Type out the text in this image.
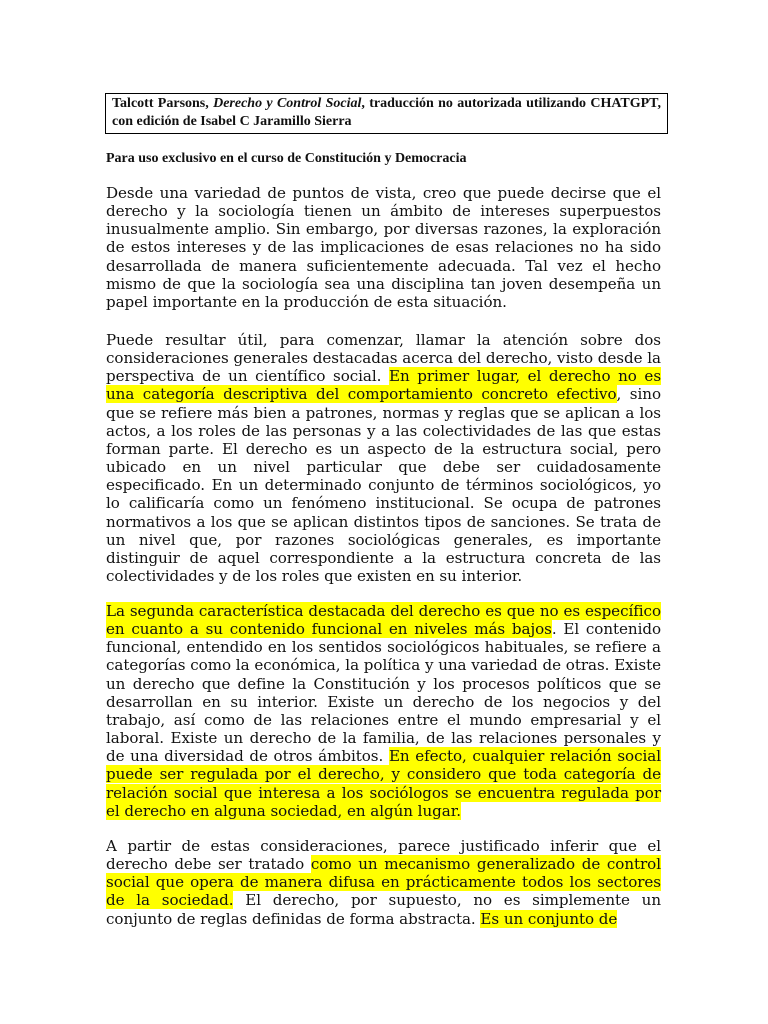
Talcott Parsons, Derecho y Control Social, traducción no autorizada utilizando CHATGPT, con edición de Isabel C Jaramillo Sierra
Para uso exclusivo en el curso de Constitución y Democracia

Desde una variedad de puntos de vista, creo que puede decirse que el derecho y la sociología tienen un ámbito de intereses superpuestos inusualmente amplio. Sin embargo, por diversas razones, la exploración de estos intereses y de las implicaciones de esas relaciones no ha sido desarrollada de manera suficientemente adecuada. Tal vez el hecho mismo de que la sociología sea una disciplina tan joven desempeña un papel importante en la producción de esta situación.

Puede resultar útil, para comenzar, llamar la atención sobre dos consideraciones generales destacadas acerca del derecho, visto desde la perspectiva de un científico social. En primer lugar, el derecho no es una categoría descriptiva del comportamiento concreto efectivo, sino que se refiere más bien a patrones, normas y reglas que se aplican a los actos, a los roles de las personas y a las colectividades de las que estas forman parte. El derecho es un aspecto de la estructura social, pero ubicado en un nivel particular que debe ser cuidadosamente especificado. En un determinado conjunto de términos sociológicos, yo lo calificaría como un fenómeno institucional. Se ocupa de patrones normativos a los que se aplican distintos tipos de sanciones. Se trata de un nivel que, por razones sociológicas generales, es importante distinguir de aquel correspondiente a la estructura concreta de las colectividades y de los roles que existen en su interior.

La segunda característica destacada del derecho es que no es específico en cuanto a su contenido funcional en niveles más bajos. El contenido funcional, entendido en los sentidos sociológicos habituales, se refiere a categorías como la económica, la política y una variedad de otras. Existe un derecho que define la Constitución y los procesos políticos que se desarrollan en su interior. Existe un derecho de los negocios y del trabajo, así como de las relaciones entre el mundo empresarial y el laboral. Existe un derecho de la familia, de las relaciones personales y de una diversidad de otros ámbitos. En efecto, cualquier relación social puede ser regulada por el derecho, y considero que toda categoría de relación social que interesa a los sociólogos se encuentra regulada por el derecho en alguna sociedad, en algún lugar.

A partir de estas consideraciones, parece justificado inferir que el derecho debe ser tratado como un mecanismo generalizado de control social que opera de manera difusa en prácticamente todos los sectores de la sociedad. El derecho, por supuesto, no es simplemente un conjunto de reglas definidas de forma abstracta. Es un conjunto de
